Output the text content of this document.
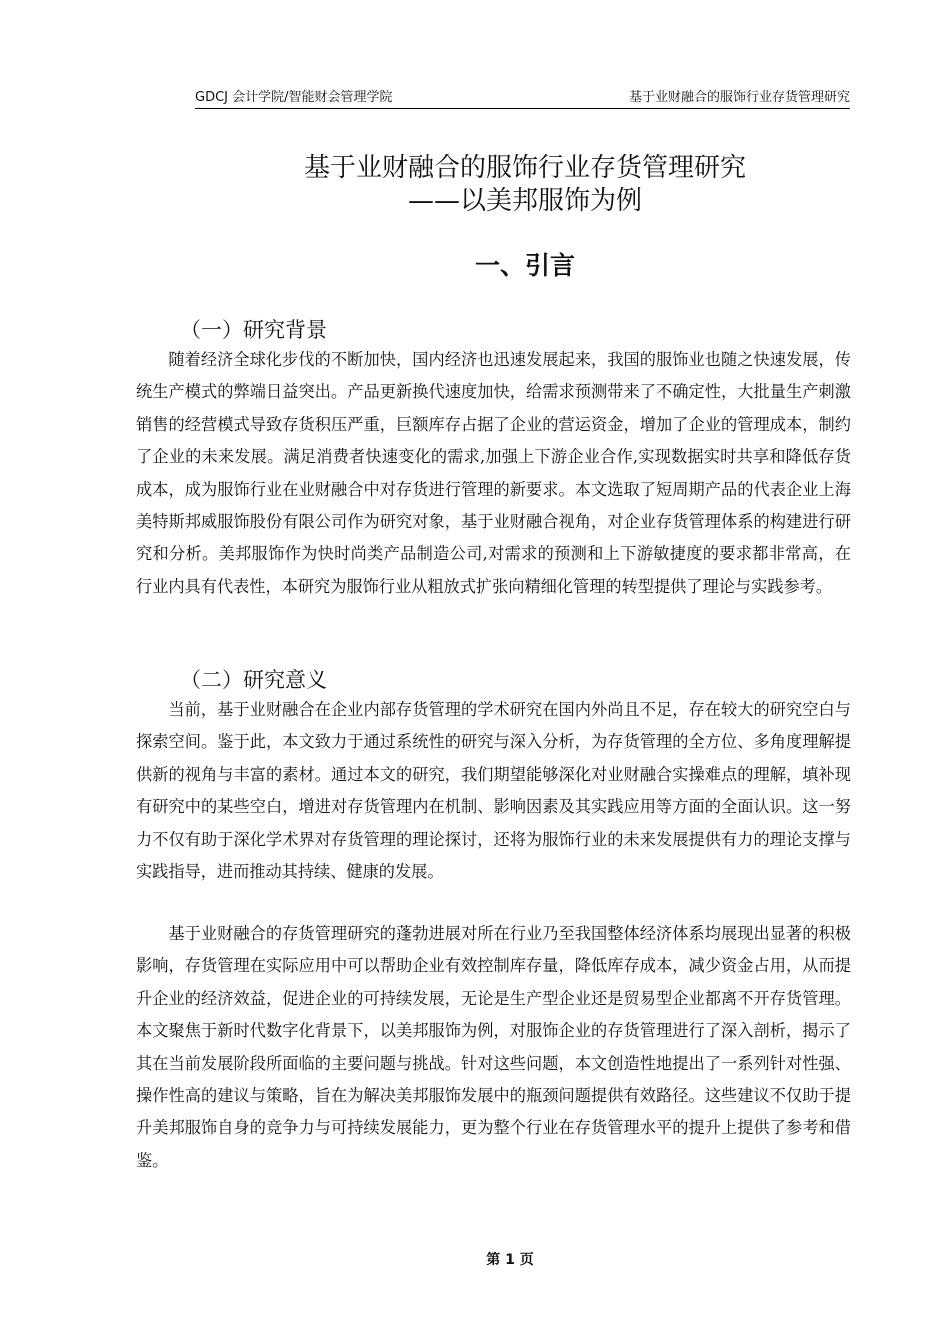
GDCJ 会计学院/智能财会管理学院	基于业财融合的服饰行业存货管理研究
基于业财融合的服饰行业存货管理研究
——以美邦服饰为例
一、引言
（一）研究背景

随着经济全球化步伐的不断加快，国内经济也迅速发展起来，我国的服饰业也随之快速发展，传统生产模式的弊端日益突出。产品更新换代速度加快，给需求预测带来了不确定性，大批量生产刺激销售的经营模式导致存货积压严重，巨额库存占据了企业的营运资金，增加了企业的管理成本，制约了企业的未来发展。满足消费者快速变化的需求,加强上下游企业合作,实现数据实时共享和降低存货成本，成为服饰行业在业财融合中对存货进行管理的新要求。本文选取了短周期产品的代表企业上海美特斯邦威服饰股份有限公司作为研究对象，基于业财融合视角，对企业存货管理体系的构建进行研究和分析。美邦服饰作为快时尚类产品制造公司,对需求的预测和上下游敏捷度的要求都非常高，在行业内具有代表性，本研究为服饰行业从粗放式扩张向精细化管理的转型提供了理论与实践参考。

（二）研究意义

当前，基于业财融合在企业内部存货管理的学术研究在国内外尚且不足，存在较大的研究空白与探索空间。鉴于此，本文致力于通过系统性的研究与深入分析，为存货管理的全方位、多角度理解提供新的视角与丰富的素材。通过本文的研究，我们期望能够深化对业财融合实操难点的理解，填补现有研究中的某些空白，增进对存货管理内在机制、影响因素及其实践应用等方面的全面认识。这一努力不仅有助于深化学术界对存货管理的理论探讨，还将为服饰行业的未来发展提供有力的理论支撑与实践指导，进而推动其持续、健康的发展。

基于业财融合的存货管理研究的蓬勃进展对所在行业乃至我国整体经济体系均展现出显著的积极影响，存货管理在实际应用中可以帮助企业有效控制库存量，降低库存成本，减少资金占用，从而提升企业的经济效益，促进企业的可持续发展，无论是生产型企业还是贸易型企业都离不开存货管理。本文聚焦于新时代数字化背景下，以美邦服饰为例，对服饰企业的存货管理进行了深入剖析，揭示了其在当前发展阶段所面临的主要问题与挑战。针对这些问题，本文创造性地提出了一系列针对性强、操作性高的建议与策略，旨在为解决美邦服饰发展中的瓶颈问题提供有效路径。这些建议不仅助于提升美邦服饰自身的竞争力与可持续发展能力，更为整个行业在存货管理水平的提升上提供了参考和借鉴。

第 1 页
